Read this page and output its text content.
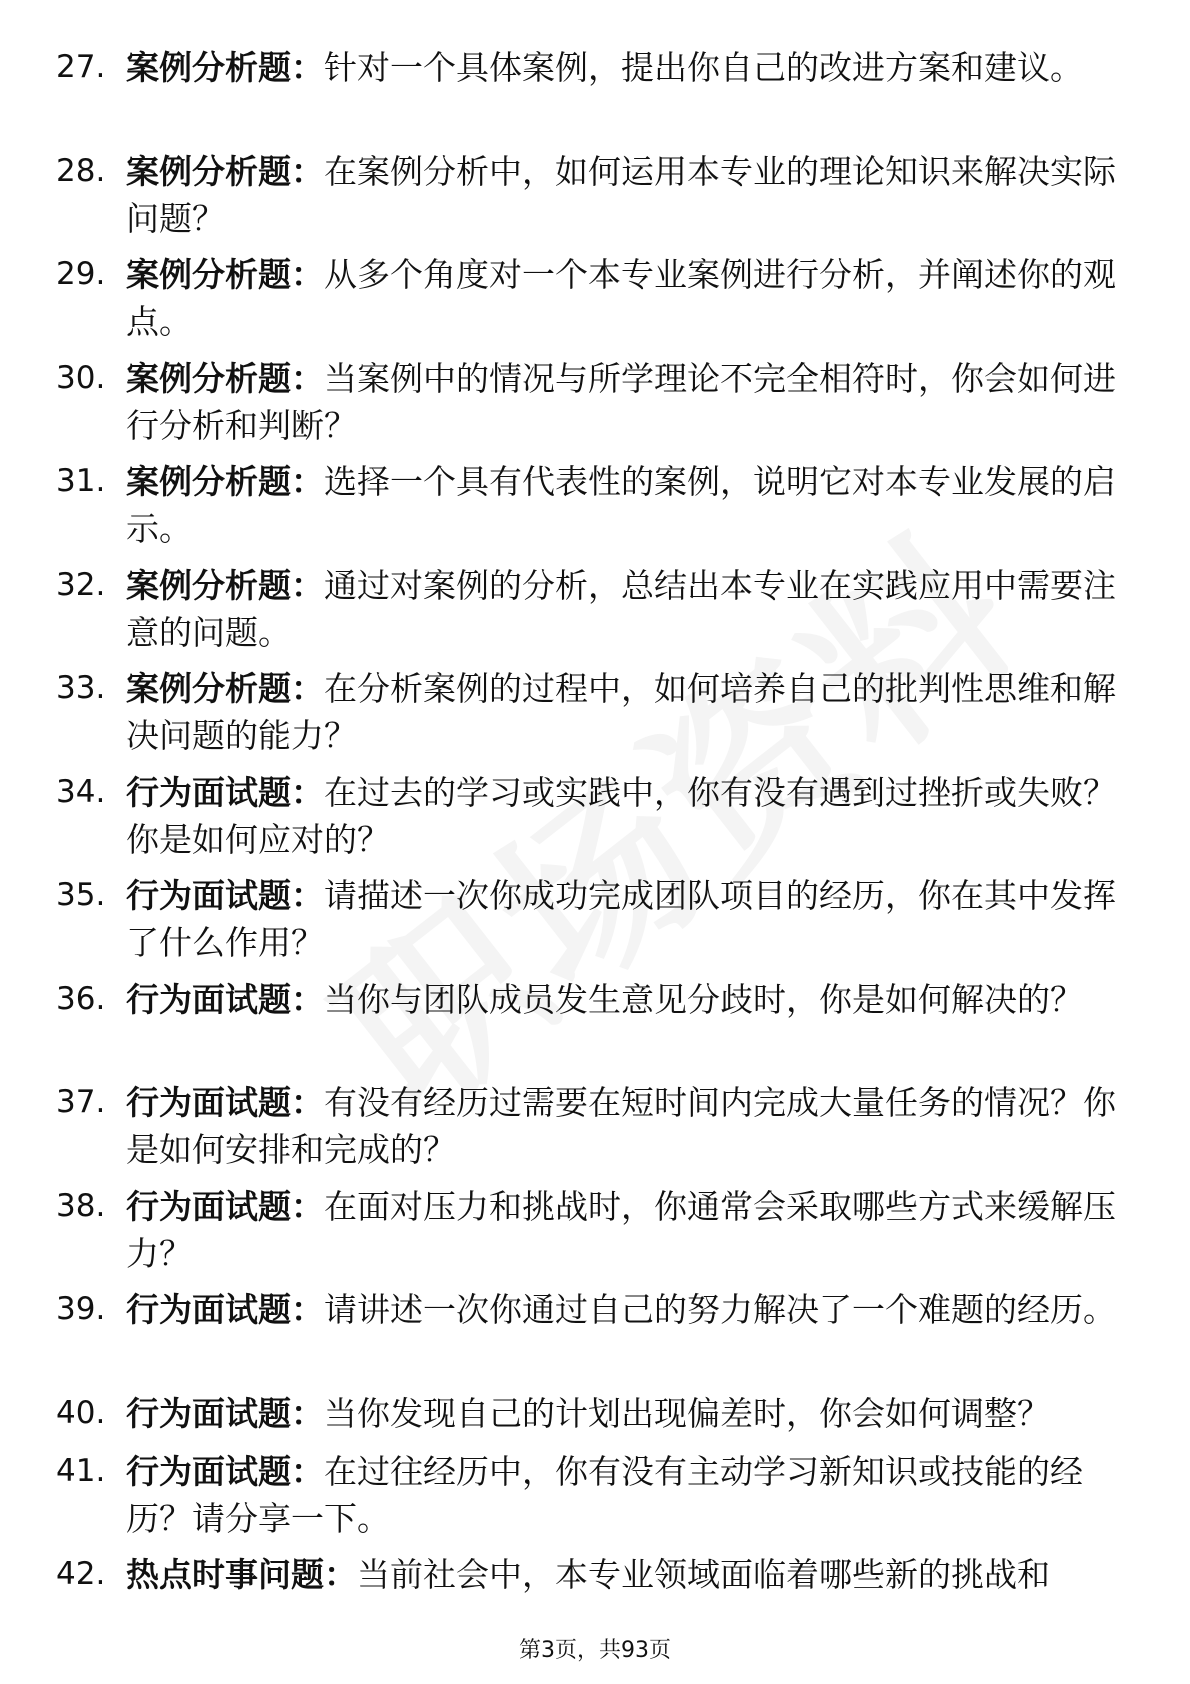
27. 案例分析题：针对一个具体案例，提出你自己的改进方案和建议。
28. 案例分析题：在案例分析中，如何运用本专业的理论知识来解决实际问题？
29. 案例分析题：从多个角度对一个本专业案例进行分析，并阐述你的观点。
30. 案例分析题：当案例中的情况与所学理论不完全相符时，你会如何进行分析和判断？
31. 案例分析题：选择一个具有代表性的案例，说明它对本专业发展的启示。
32. 案例分析题：通过对案例的分析，总结出本专业在实践应用中需要注意的问题。
33. 案例分析题：在分析案例的过程中，如何培养自己的批判性思维和解决问题的能力？
34. 行为面试题：在过去的学习或实践中，你有没有遇到过挫折或失败？你是如何应对的？
35. 行为面试题：请描述一次你成功完成团队项目的经历，你在其中发挥了什么作用？
36. 行为面试题：当你与团队成员发生意见分歧时，你是如何解决的？
37. 行为面试题：有没有经历过需要在短时间内完成大量任务的情况？你是如何安排和完成的？
38. 行为面试题：在面对压力和挑战时，你通常会采取哪些方式来缓解压力？
39. 行为面试题：请讲述一次你通过自己的努力解决了一个难题的经历。
40. 行为面试题：当你发现自己的计划出现偏差时，你会如何调整？
41. 行为面试题：在过往经历中，你有没有主动学习新知识或技能的经历？请分享一下。
42. 热点时事问题：当前社会中，本专业领域面临着哪些新的挑战和
第3页，共93页
